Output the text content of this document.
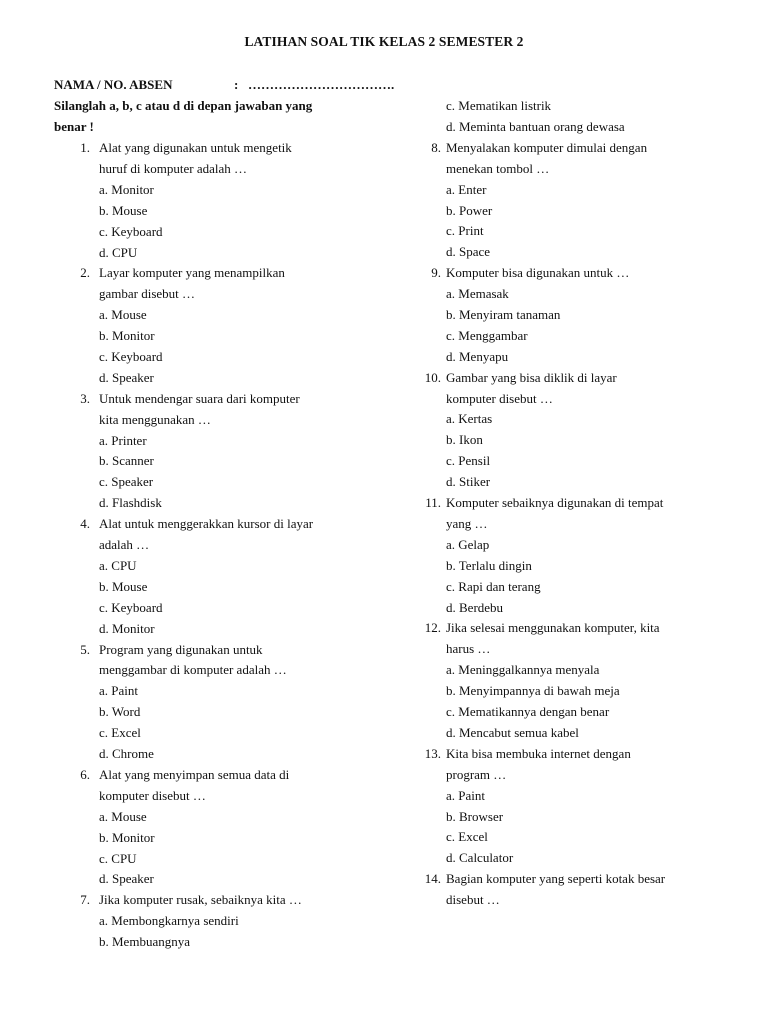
LATIHAN SOAL TIK KELAS 2 SEMESTER 2
NAMA / NO. ABSEN	: …………………………….
Silanglah a, b, c atau d di depan jawaban yang
benar !
1. Alat yang digunakan untuk mengetik
huruf di komputer adalah …
a. Monitor
b. Mouse
c. Keyboard
d. CPU
2. Layar komputer yang menampilkan
gambar disebut …
a. Mouse
b. Monitor
c. Keyboard
d. Speaker
3. Untuk mendengar suara dari komputer
kita menggunakan …
a. Printer
b. Scanner
c. Speaker
d. Flashdisk
4. Alat untuk menggerakkan kursor di layar
adalah …
a. CPU
b. Mouse
c. Keyboard
d. Monitor
5. Program yang digunakan untuk
menggambar di komputer adalah …
a. Paint
b. Word
c. Excel
d. Chrome
6. Alat yang menyimpan semua data di
komputer disebut …
a. Mouse
b. Monitor
c. CPU
d. Speaker
7. Jika komputer rusak, sebaiknya kita …
a. Membongkarnya sendiri
b. Membuangnya
c. Mematikan listrik
d. Meminta bantuan orang dewasa
8. Menyalakan komputer dimulai dengan
menekan tombol …
a. Enter
b. Power
c. Print
d. Space
9. Komputer bisa digunakan untuk …
a. Memasak
b. Menyiram tanaman
c. Menggambar
d. Menyapu
10. Gambar yang bisa diklik di layar
komputer disebut …
a. Kertas
b. Ikon
c. Pensil
d. Stiker
11. Komputer sebaiknya digunakan di tempat
yang …
a. Gelap
b. Terlalu dingin
c. Rapi dan terang
d. Berdebu
12. Jika selesai menggunakan komputer, kita
harus …
a. Meninggalkannya menyala
b. Menyimpannya di bawah meja
c. Mematikannya dengan benar
d. Mencabut semua kabel
13. Kita bisa membuka internet dengan
program …
a. Paint
b. Browser
c. Excel
d. Calculator
14. Bagian komputer yang seperti kotak besar
disebut …
